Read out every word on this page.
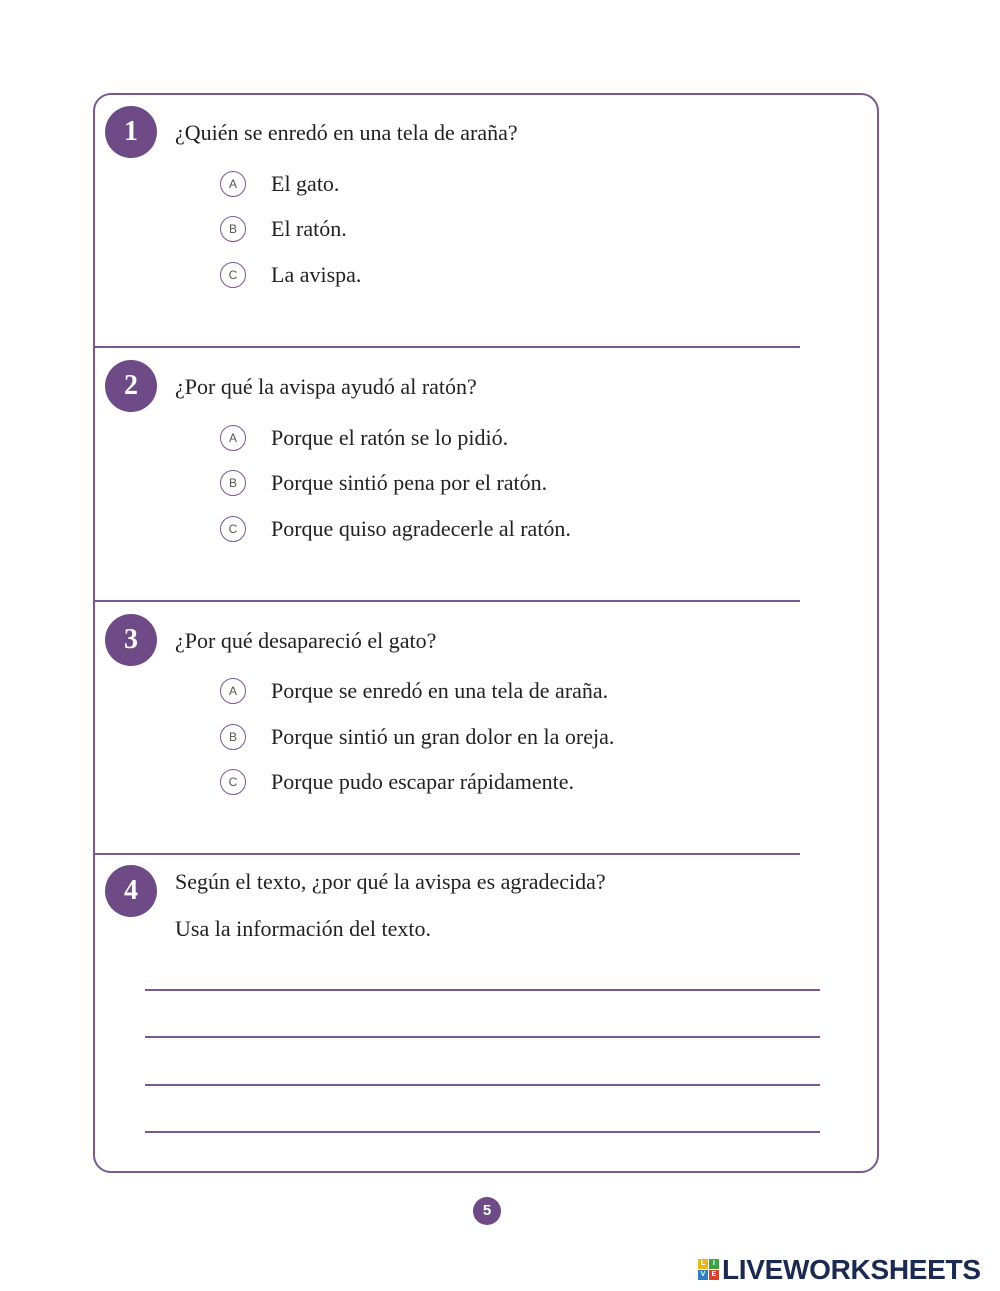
1	¿Quién se enredó en una tela de araña?
A	El gato.
B	El ratón.
C	La avispa.
2	¿Por qué la avispa ayudó al ratón?
A	Porque el ratón se lo pidió.
B	Porque sintió pena por el ratón.
C	Porque quiso agradecerle al ratón.
3	¿Por qué desapareció el gato?
A	Porque se enredó en una tela de araña.
B	Porque sintió un gran dolor en la oreja.
C	Porque pudo escapar rápidamente.
4	Según el texto, ¿por qué la avispa es agradecida?
Usa la información del texto.
5
L	I
V E LIVEWORKSHEETS
